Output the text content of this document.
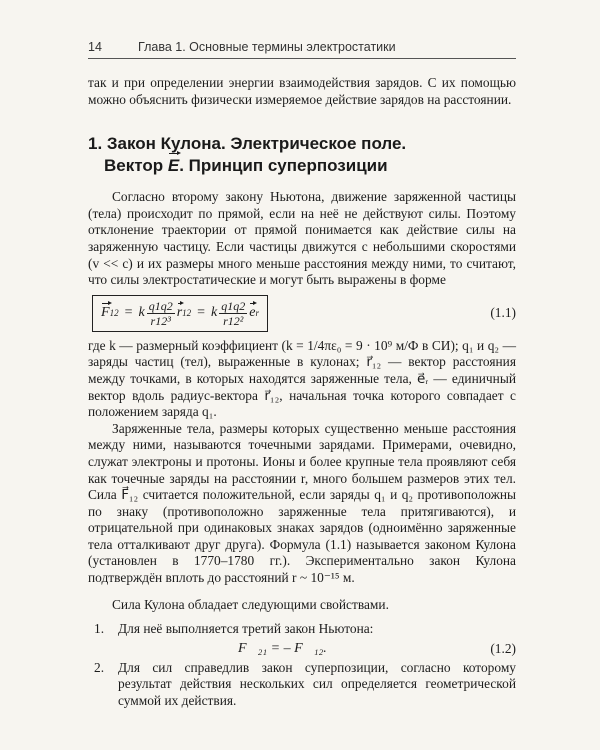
14	Глава 1. Основные термины электростатики

так и при определении энергии взаимодействия зарядов. С их помощью можно объяснить физически измеряемое действие зарядов на расстоянии.

1. Закон Кулона. Электрическое поле.
Вектор E. Принцип суперпозиции

Согласно второму закону Ньютона, движение заряженной частицы (тела) происходит по прямой, если на неё не действуют силы. Поэтому отклонение траектории от прямой понимается как действие силы на заряженную частицу. Если частицы движутся с небольшими скоростями (v << c) и их размеры много меньше расстояния между ними, то считают, что силы электростатические и могут быть выражены в форме

F 12 = k $\frac{q1q2}{\text{r12³}}$ r 12 = k $\frac{q1q2}{\text{r12²}}$ e r	(1.1)

где k — размерный коэффициент (k = 1/4πε₀ = 9 · 10⁹ м/Ф в СИ); q₁ и q₂ — заряды частиц (тел), выраженные в кулонах; r⃗₁₂ — вектор расстояния между точками, в которых находятся заряженные тела, e⃗ᵣ — единичный вектор вдоль радиус-вектора r⃗₁₂, начальная точка которого совпадает с положением заряда q₁.

Заряженные тела, размеры которых существенно меньше расстояния между ними, называются точечными зарядами. Примерами, очевидно, служат электроны и протоны. Ионы и более крупные тела проявляют себя как точечные заряды на расстоянии r, много большем размеров этих тел. Сила F⃗₁₂ считается положительной, если заряды q₁ и q₂ противоположны по знаку (противоположно заряженные тела притягиваются), и отрицательной при одинаковых знаках зарядов (одноимённо заряженные тела отталкивают друг друга). Формула (1.1) называется законом Кулона (установлен в 1770–1780 гг.). Экспериментально закон Кулона подтверждён вплоть до расстояний r ~ 10⁻¹⁵ м.

Сила Кулона обладает следующими свойствами.

1.	Для неё выполняется третий закон Ньютона:
F⃗₂₁ = – F⃗₁₂.	(1.2)
2.	Для сил справедлив закон суперпозиции, согласно которому результат действия нескольких сил определяется геометрической суммой их действия.
